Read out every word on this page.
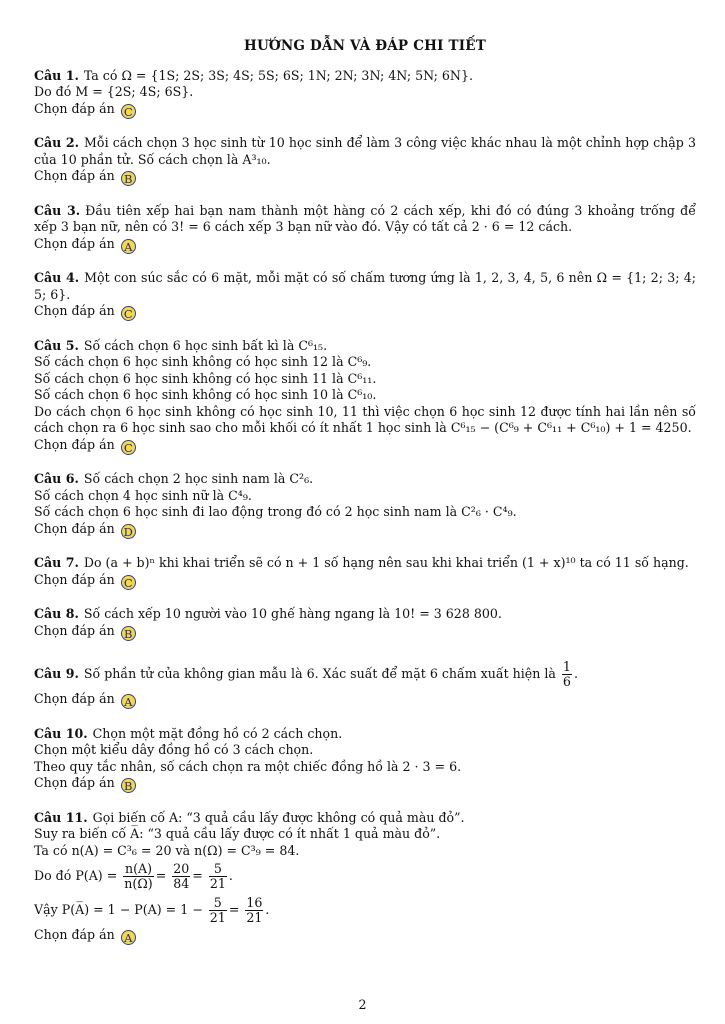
HƯỚNG DẪN VÀ ĐÁP CHI TIẾT
Câu 1. Ta có Ω = {1S; 2S; 3S; 4S; 5S; 6S; 1N; 2N; 3N; 4N; 5N; 6N}.
Do đó M = {2S; 4S; 6S}.
Chọn đáp án C
Câu 2. Mỗi cách chọn 3 học sinh từ 10 học sinh để làm 3 công việc khác nhau là một chỉnh hợp chập 3 của 10 phần tử. Số cách chọn là A³₁₀.
Chọn đáp án B
Câu 3. Đầu tiên xếp hai bạn nam thành một hàng có 2 cách xếp, khi đó có đúng 3 khoảng trống để xếp 3 bạn nữ, nên có 3! = 6 cách xếp 3 bạn nữ vào đó. Vậy có tất cả 2 · 6 = 12 cách.
Chọn đáp án A
Câu 4. Một con súc sắc có 6 mặt, mỗi mặt có số chấm tương ứng là 1, 2, 3, 4, 5, 6 nên Ω = {1; 2; 3; 4; 5; 6}.
Chọn đáp án C
Câu 5. Số cách chọn 6 học sinh bất kì là C⁶₁₅.
Số cách chọn 6 học sinh không có học sinh 12 là C⁶₉.
Số cách chọn 6 học sinh không có học sinh 11 là C⁶₁₁.
Số cách chọn 6 học sinh không có học sinh 10 là C⁶₁₀.
Do cách chọn 6 học sinh không có học sinh 10, 11 thì việc chọn 6 học sinh 12 được tính hai lần nên số cách chọn ra 6 học sinh sao cho mỗi khối có ít nhất 1 học sinh là C⁶₁₅ − (C⁶₉ + C⁶₁₁ + C⁶₁₀) + 1 = 4250.
Chọn đáp án C
Câu 6. Số cách chọn 2 học sinh nam là C²₆.
Số cách chọn 4 học sinh nữ là C⁴₉.
Số cách chọn 6 học sinh đi lao động trong đó có 2 học sinh nam là C²₆ · C⁴₉.
Chọn đáp án D
Câu 7. Do (a + b)ⁿ khi khai triển sẽ có n + 1 số hạng nên sau khi khai triển (1 + x)¹⁰ ta có 11 số hạng.
Chọn đáp án C
Câu 8. Số cách xếp 10 người vào 10 ghế hàng ngang là 10! = 3 628 800.
Chọn đáp án B
Câu 9. Số phần tử của không gian mẫu là 6. Xác suất để mặt 6 chấm xuất hiện là $\frac{1}{6}$ .
Chọn đáp án A
Câu 10. Chọn một mặt đồng hồ có 2 cách chọn.
Chọn một kiểu dây đồng hồ có 3 cách chọn.
Theo quy tắc nhân, số cách chọn ra một chiếc đồng hồ là 2 · 3 = 6.
Chọn đáp án B
Câu 11. Gọi biến cố A: “3 quả cầu lấy được không có quả màu đỏ”.
Suy ra biến cố A̅: “3 quả cầu lấy được có ít nhất 1 quả màu đỏ”.
Ta có n(A) = C³₆ = 20 và n(Ω) = C³₉ = 84.
Do đó $P(A) = \frac{n(A)}{n(\Omega)} = \frac{20}{84} = \frac{5}{21}$ .
Vậy P(A̅) = $1 - P(A) = 1 - \frac{5}{21} = \frac{16}{21}$ .
Chọn đáp án A
2
